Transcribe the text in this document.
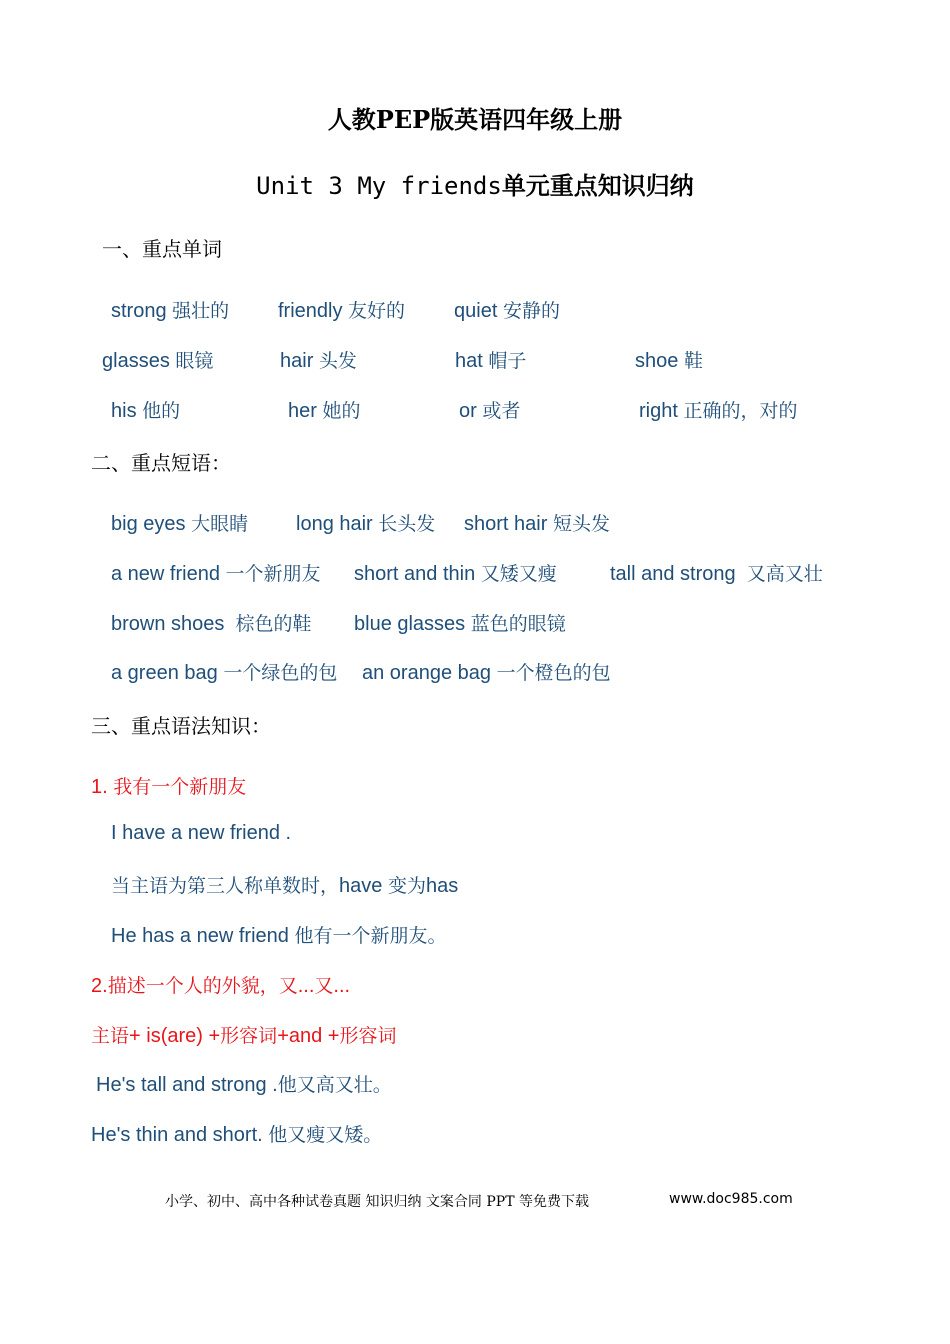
人教PEP版英语四年级上册
Unit 3 My friends单元重点知识归纳
一、重点单词
strong 强壮的 friendly 友好的 quiet 安静的
glasses 眼镜	hair 头发	hat 帽子	shoe 鞋
his 他的	her 她的	or 或者	right 正确的，对的
二、重点短语：
big eyes 大眼睛 long hair 长头发 short hair 短头发
a new friend 一个新朋友 short and thin 又矮又瘦	tall and strong 又高又壮
brown shoes 棕色的鞋 blue glasses 蓝色的眼镜
a green bag 一个绿色的包 an orange bag 一个橙色的包
三、重点语法知识：
1. 我有一个新朋友
I have a new friend .
当主语为第三人称单数时，have 变为has
He has a new friend 他有一个新朋友。
2.描述一个人的外貌，又...又...
主语+ is(are) +形容词+and +形容词
He's tall and strong .他又高又壮。
He's thin and short. 他又瘦又矮。
小学、初中、高中各种试卷真题 知识归纳 文案合同 PPT 等免费下载	www.doc985.com
